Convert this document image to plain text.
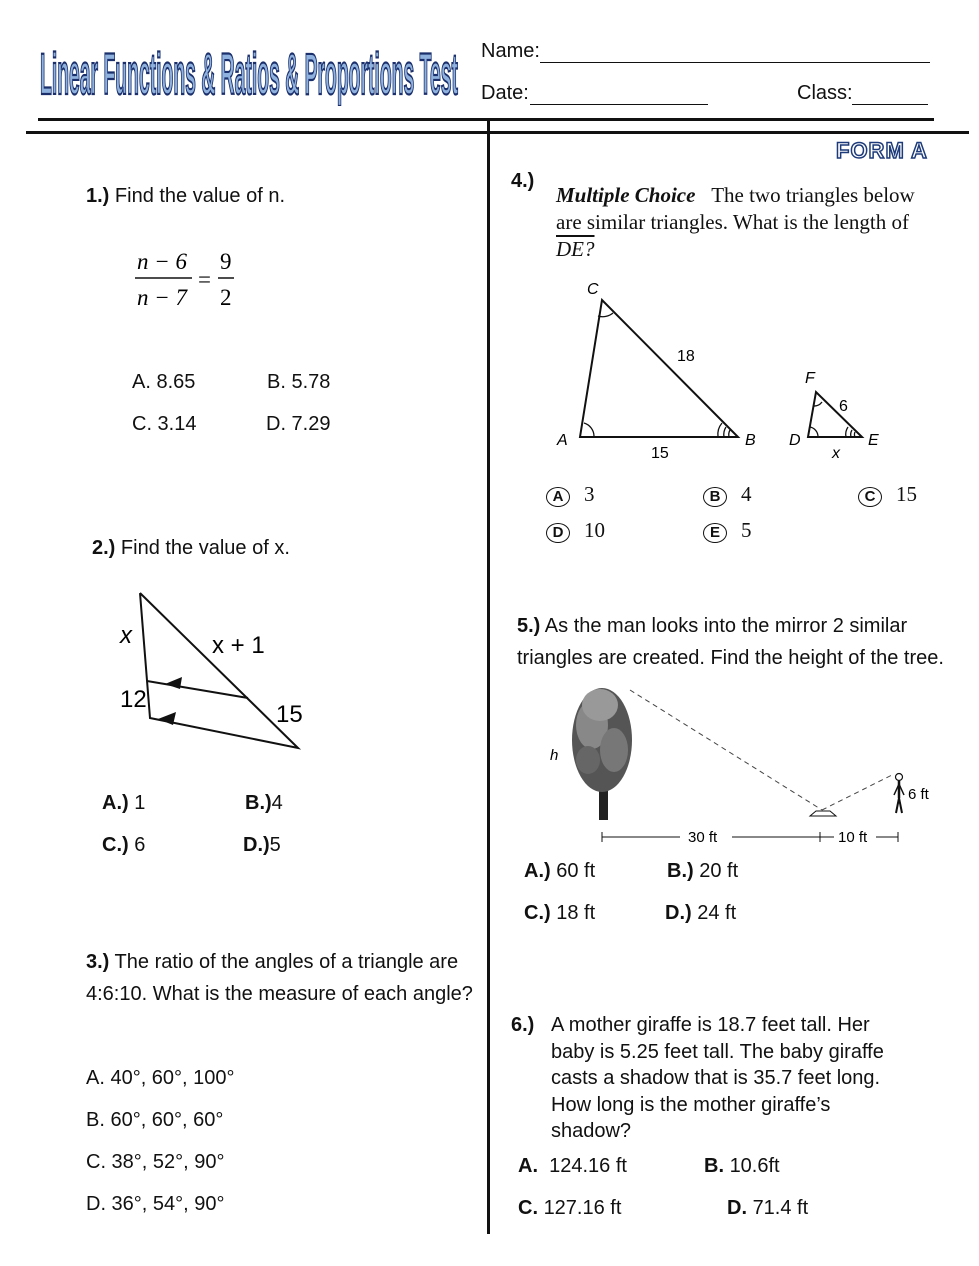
Linear Functions & Ratios & Proportions Test Name:
Date:	Class:
FORM A
1.) Find the value of n.
n − 6
n − 7
=
9
2
A. 8.65	B. 5.78
C. 3.14	D. 7.29
2.) Find the value of x.
x	x + 1
12
15
A.) 1	B.)4
C.) 6	D.)5
3.) The ratio of the angles of a triangle are
4:6:10. What is the measure of each angle?
A. 40°, 60°, 100°
B. 60°, 60°, 60°
C. 38°, 52°, 90°
D. 36°, 54°, 90°
4.)
Multiple Choice The two triangles below
are similar triangles. What is the length of
DE?
C
18
A
15
B
F
6
D
x
E
A 3	B 4	C 15
D 10	E 5
5.) As the man looks into the mirror 2 similar
triangles are created. Find the height of the tree.
h
6 ft
30 ft	10 ft
A.) 60 ft	B.) 20 ft
C.) 18 ft	D.) 24 ft
6.) A mother giraffe is 18.7 feet tall. Her
baby is 5.25 feet tall. The baby giraffe
casts a shadow that is 35.7 feet long.
How long is the mother giraffe’s
shadow?
A. 124.16 ft	B. 10.6ft
C. 127.16 ft	D. 71.4 ft
